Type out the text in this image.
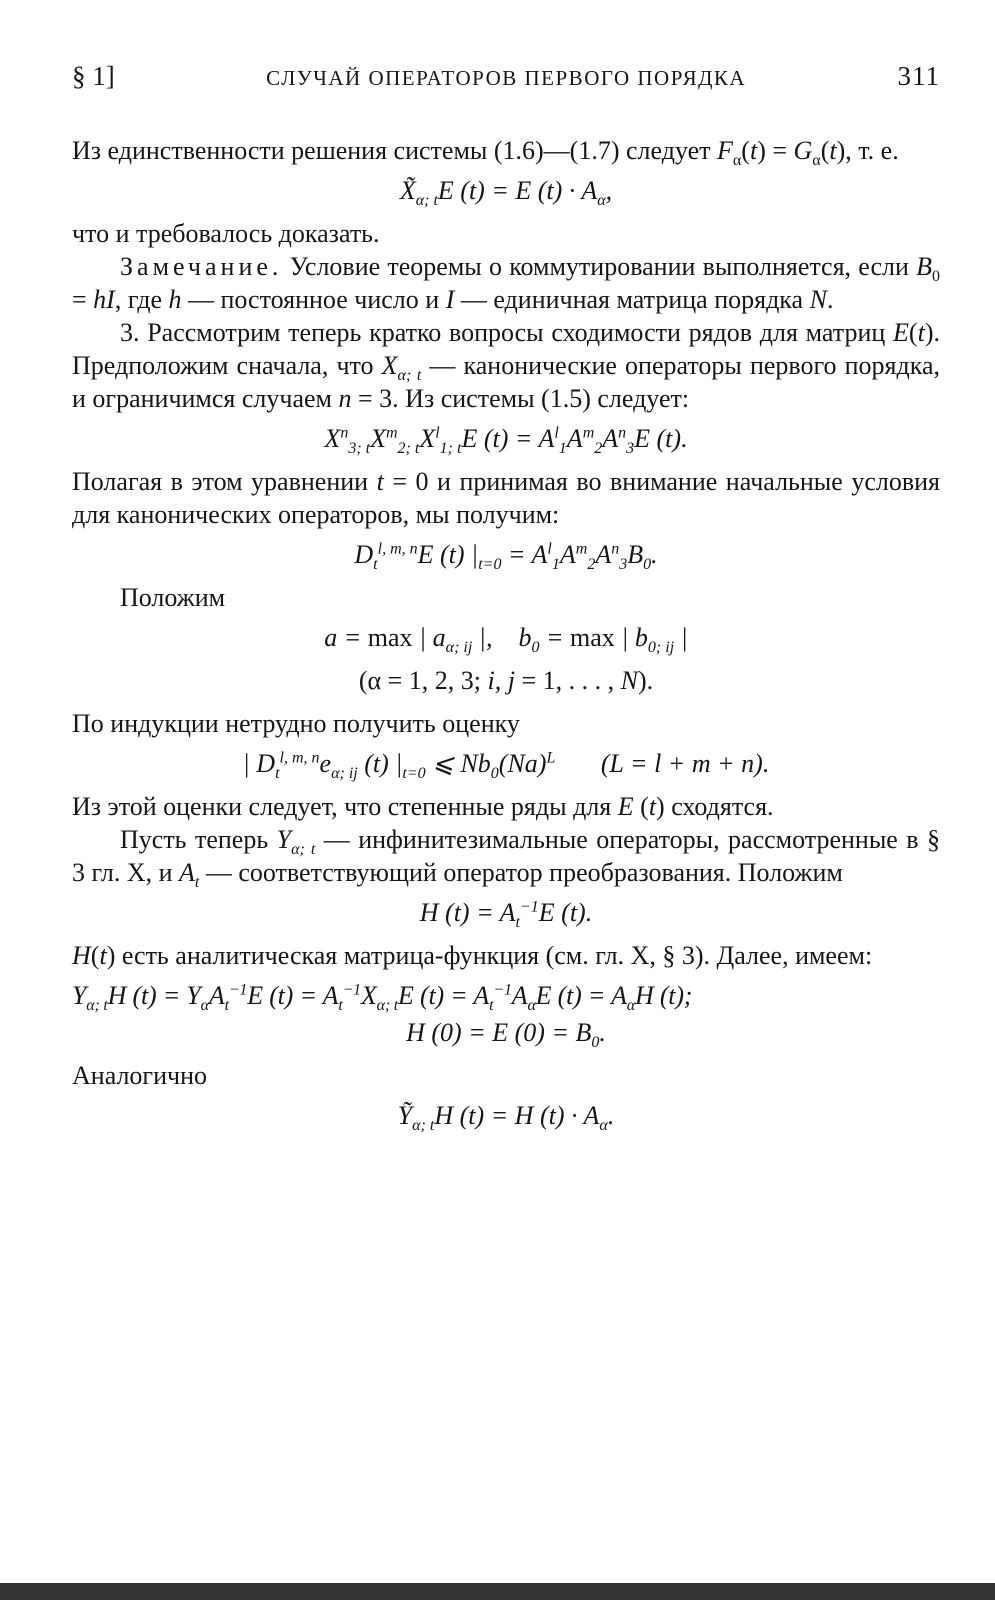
§ 1]	СЛУЧАЙ ОПЕРАТОРОВ ПЕРВОГО ПОРЯДКА	311

Из единственности решения системы (1.6)—(1.7) следует $F_\alpha(t) = G_\alpha(t)$, т. е.

$X̃_{\alpha; t}E$ (t) = E $(t) \cdot A_\alpha$,

что и требовалось доказать.

Замечание. Условие теоремы о коммутировании выполняется, если $B_0$ = hI, где h — постоянное число и I — единичная матрица порядка N.

3. Рассмотрим теперь кратко вопросы сходимости рядов для матриц E(t). Предположим сначала, что $X_{\alpha; t}$ — канонические операторы первого порядка, и ограничимся случаем n = 3. Из системы (1.5) следует:

$X^n_{3; t}X^m_{2; t}X^l_{1; t}E$ $(t) = A^l_1A^m_2A^n_3E$ (t).

Полагая в этом уравнении t = 0 и принимая во внимание начальные условия для канонических операторов, мы получим:

$D_t^{l, m, n}E$ (t) $|_{t=0} = A^l_1A^m_2A^n_3B_0$.

Положим

a = max | $a_{\alpha; ij}$ |,    $b_0 = \max$ | $b_{0; ij}$ |
(α = 1, 2, 3; i, j = 1, . . . , N).

По индукции нетрудно получить оценку

| $D_t^{l, m, n}e_{\alpha; ij}$ (t) $|_{t=0}$ ⩽ $Nb_0(Na)^L$       (L = l + m + n).

Из этой оценки следует, что степенные ряды для E (t) сходятся.

Пусть теперь $Y_{\alpha; t}$ — инфинитезимальные операторы, рассмотренные в § 3 гл. X, и $A_t$ — соответствующий оператор преобразования. Положим

H $(t) = A_t^{-1}E$ (t).

H(t) есть аналитическая матрица-функция (см. гл. X, § 3). Далее, имеем:

$Y_{\alpha; t}H$ $(t) = Y_\alpha A_t^{-1}E$ $(t) = A_t^{-1}X_{\alpha; t}E$ $(t) = A_t^{-1}A_\alpha E$ $(t) = A_\alpha H$ (t);
H (0) = E $(0) = B_0$.

Аналогично

Ỹ$_{\alpha; t}$H (t) = H $(t) \cdot A_\alpha$.
